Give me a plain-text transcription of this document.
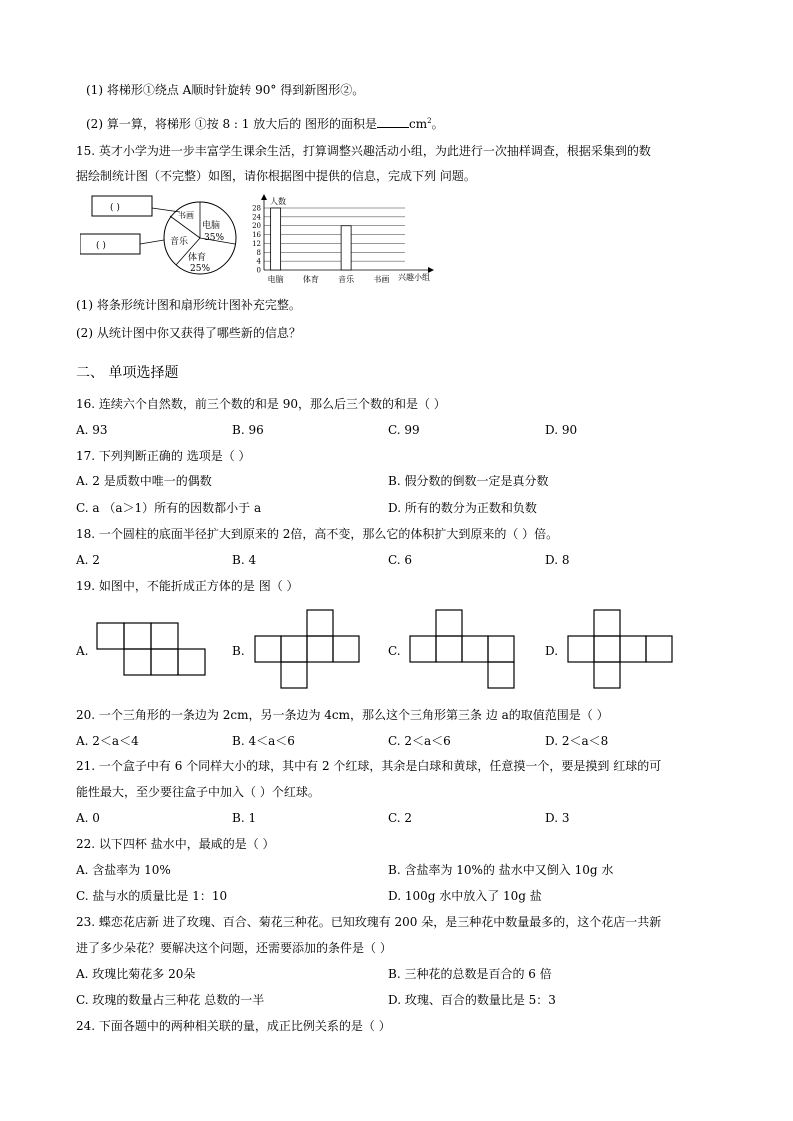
(1) 将梯形①绕点 A顺时针旋转 90° 得到新图形②。
(2) 算一算，将梯形 ①按 8 : 1 放大后的 图形的面积是	$cm^2$。
15. 英才小学为进一步丰富学生课余生活，打算调整兴趣活动小组，为此进行一次抽样调查，根据采集到的数
据绘制统计图（不完整）如图，请你根据图中提供的信息，完成下列 问题。
( )
( )
书画
电脑
35%
音乐
体育
25%
人数
兴趣小组
0
4
8
12
16
20
24
28
电脑 体育 音乐 书画
(1) 将条形统计图和扇形统计图补充完整。
(2) 从统计图中你又获得了哪些新的信息？
二、 单项选择题
16. 连续六个自然数，前三个数的和是 90，那么后三个数的和是（ ）
A. 93	B. 96	C. 99	D. 90
17. 下列判断正确的 选项是（ ）
A. 2 是质数中唯一的偶数	B. 假分数的倒数一定是真分数
C. a （a＞1）所有的因数都小于 a	D. 所有的数分为正数和负数
18. 一个圆柱的底面半径扩大到原来的 2倍，高不变，那么它的体积扩大到原来的（ ）倍。
A. 2	B. 4	C. 6	D. 8
19. 如图中，不能折成正方体的是 图（ ）
A.	B.	C.	D.
20. 一个三角形的一条边为 2cm，另一条边为 4cm，那么这个三角形第三条 边 a的取值范围是（ ）
A. 2＜a＜4	B. 4＜a＜6	C. 2＜a＜6	D. 2＜a＜8
21. 一个盒子中有 6 个同样大小的球，其中有 2 个红球，其余是白球和黄球，任意摸一个，要是摸到 红球的可
能性最大，至少要往盒子中加入（ ）个红球。
A. 0	B. 1	C. 2	D. 3
22. 以下四杯 盐水中，最咸的是（ ）
A. 含盐率为 10%	B. 含盐率为 10%的 盐水中又倒入 10g 水
C. 盐与水的质量比是 1：10	D. 100g 水中放入了 10g 盐
23. 蝶恋花店新 进了玫瑰、百合、菊花三种花。已知玫瑰有 200 朵，是三种花中数量最多的，这个花店一共新
进了多少朵花？要解决这个问题，还需要添加的条件是（ ）
A. 玫瑰比菊花多 20朵	B. 三种花的总数是百合的 6 倍
C. 玫瑰的数量占三种花 总数的一半	D. 玫瑰、百合的数量比是 5：3
24. 下面各题中的两种相关联的量，成正比例关系的是（ ）
